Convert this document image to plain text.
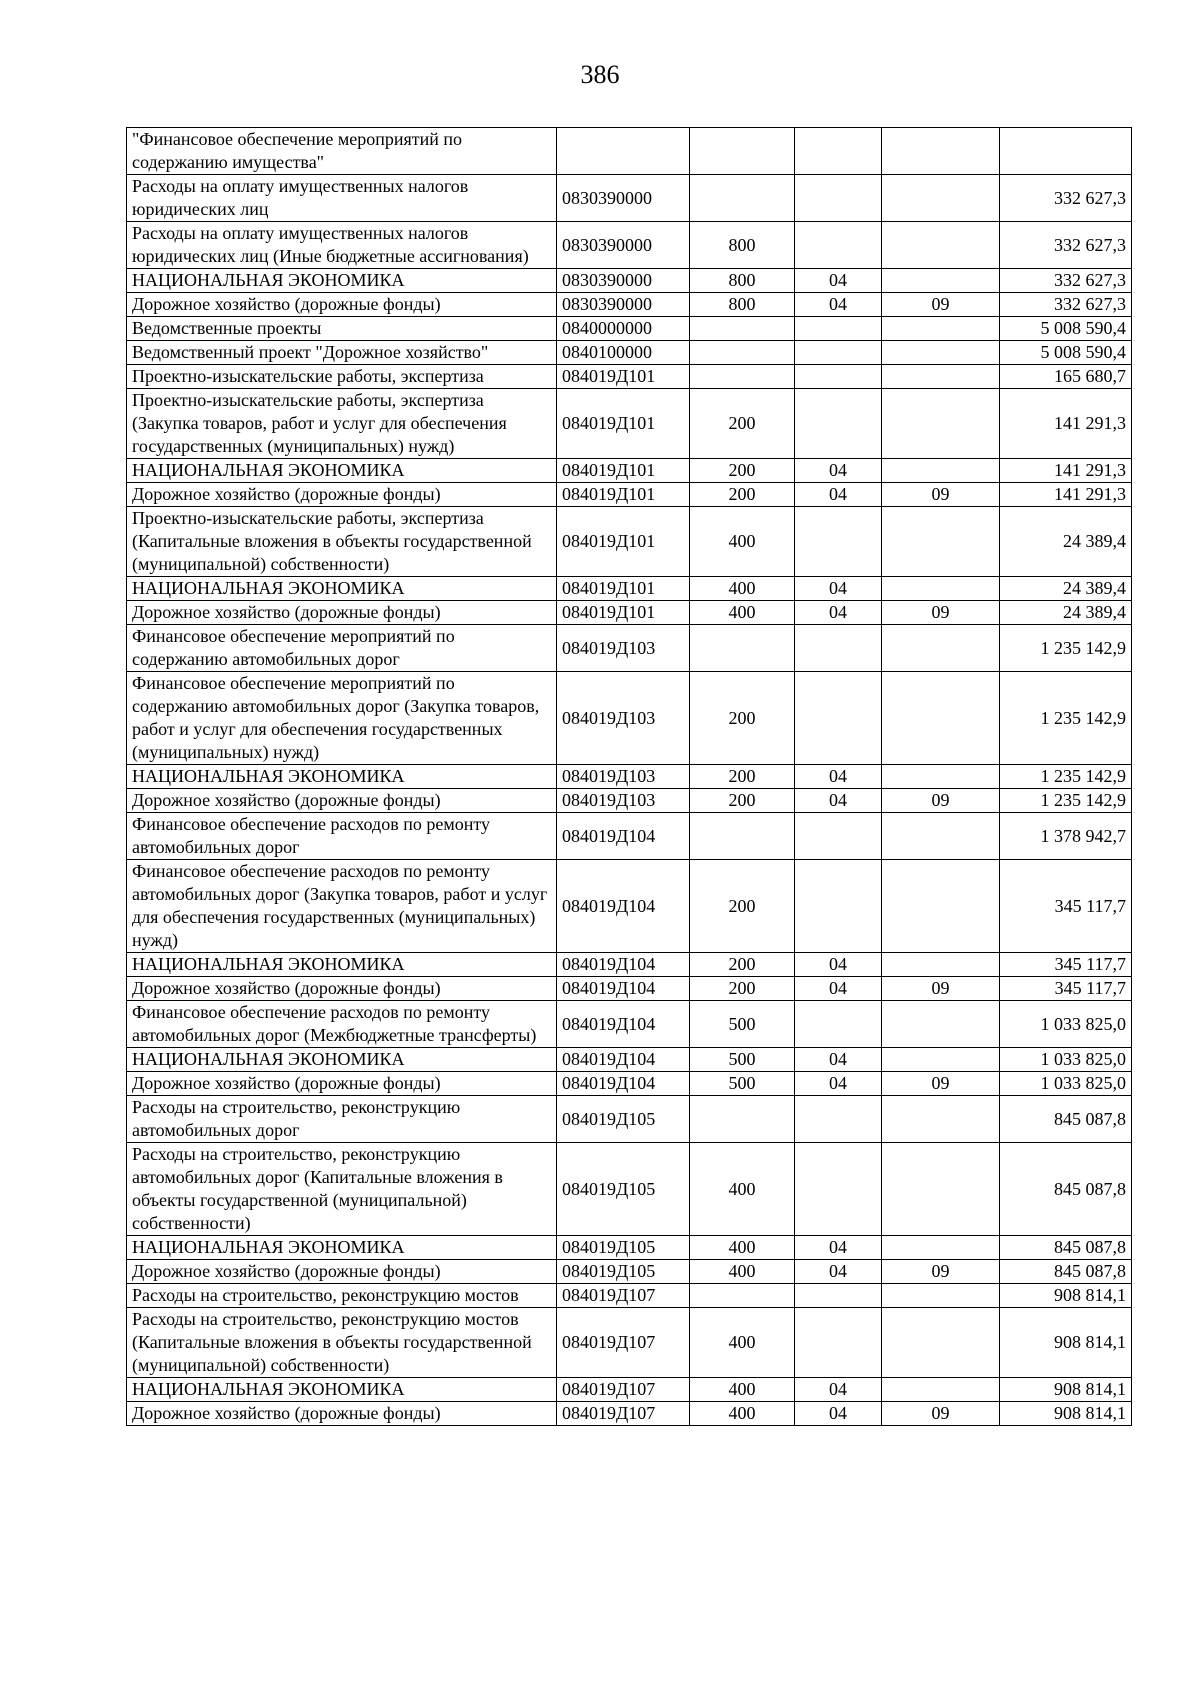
386
"Финансовое обеспечение мероприятий по содержанию имущества"					
Расходы на оплату имущественных налогов юридических лиц	0830390000				332 627,3
Расходы на оплату имущественных налогов юридических лиц (Иные бюджетные ассигнования)	0830390000	800			332 627,3
НАЦИОНАЛЬНАЯ ЭКОНОМИКА	0830390000	800	04		332 627,3
Дорожное хозяйство (дорожные фонды)	0830390000	800	04	09	332 627,3
Ведомственные проекты	0840000000				5 008 590,4
Ведомственный проект "Дорожное хозяйство"	0840100000				5 008 590,4
Проектно-изыскательские работы, экспертиза	084019Д101				165 680,7
Проектно-изыскательские работы, экспертиза (Закупка товаров, работ и услуг для обеспечения государственных (муниципальных) нужд)	084019Д101	200			141 291,3
НАЦИОНАЛЬНАЯ ЭКОНОМИКА	084019Д101	200	04		141 291,3
Дорожное хозяйство (дорожные фонды)	084019Д101	200	04	09	141 291,3
Проектно-изыскательские работы, экспертиза (Капитальные вложения в объекты государственной (муниципальной) собственности)	084019Д101	400			24 389,4
НАЦИОНАЛЬНАЯ ЭКОНОМИКА	084019Д101	400	04		24 389,4
Дорожное хозяйство (дорожные фонды)	084019Д101	400	04	09	24 389,4
Финансовое обеспечение мероприятий по содержанию автомобильных дорог	084019Д103				1 235 142,9
Финансовое обеспечение мероприятий по содержанию автомобильных дорог (Закупка товаров, работ и услуг для обеспечения государственных (муниципальных) нужд)	084019Д103	200			1 235 142,9
НАЦИОНАЛЬНАЯ ЭКОНОМИКА	084019Д103	200	04		1 235 142,9
Дорожное хозяйство (дорожные фонды)	084019Д103	200	04	09	1 235 142,9
Финансовое обеспечение расходов по ремонту автомобильных дорог	084019Д104				1 378 942,7
Финансовое обеспечение расходов по ремонту автомобильных дорог (Закупка товаров, работ и услуг для обеспечения государственных (муниципальных) нужд)	084019Д104	200			345 117,7
НАЦИОНАЛЬНАЯ ЭКОНОМИКА	084019Д104	200	04		345 117,7
Дорожное хозяйство (дорожные фонды)	084019Д104	200	04	09	345 117,7
Финансовое обеспечение расходов по ремонту автомобильных дорог (Межбюджетные трансферты)	084019Д104	500			1 033 825,0
НАЦИОНАЛЬНАЯ ЭКОНОМИКА	084019Д104	500	04		1 033 825,0
Дорожное хозяйство (дорожные фонды)	084019Д104	500	04	09	1 033 825,0
Расходы на строительство, реконструкцию автомобильных дорог	084019Д105				845 087,8
Расходы на строительство, реконструкцию автомобильных дорог (Капитальные вложения в объекты государственной (муниципальной) собственности)	084019Д105	400			845 087,8
НАЦИОНАЛЬНАЯ ЭКОНОМИКА	084019Д105	400	04		845 087,8
Дорожное хозяйство (дорожные фонды)	084019Д105	400	04	09	845 087,8
Расходы на строительство, реконструкцию мостов	084019Д107				908 814,1
Расходы на строительство, реконструкцию мостов (Капитальные вложения в объекты государственной (муниципальной) собственности)	084019Д107	400			908 814,1
НАЦИОНАЛЬНАЯ ЭКОНОМИКА	084019Д107	400	04		908 814,1
Дорожное хозяйство (дорожные фонды)	084019Д107	400	04	09	908 814,1
